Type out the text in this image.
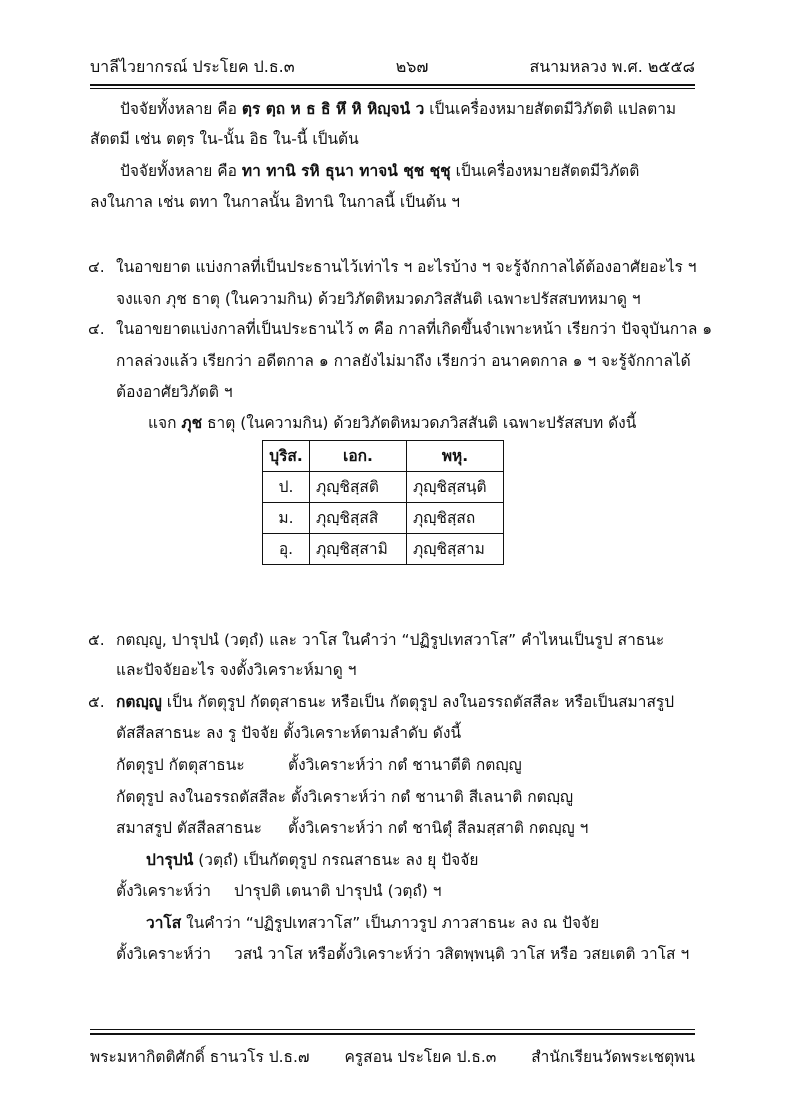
บาลีไวยากรณ์ ประโยค ป.ธ.๓	๒๖๗	สนามหลวง พ.ศ. ๒๕๕๘
ปัจจัยทั้งหลาย คือ ตฺร ตฺถ ห ธ ธิ หึ หิ หิญฺจนํ ว เป็นเครื่องหมายสัตตมีวิภัตติ แปลตาม
สัตตมี เช่น ตตฺร ใน-นั้น อิธ ใน-นี้ เป็นต้น
ปัจจัยทั้งหลาย คือ ทา ทานิ รหิ ธุนา ทาจนํ ชฺช ชฺชุ เป็นเครื่องหมายสัตตมีวิภัตติ
ลงในกาล เช่น ตทา ในกาลนั้น อิทานิ ในกาลนี้ เป็นต้น ฯ
๔. ในอาขยาต แบ่งกาลที่เป็นประธานไว้เท่าไร ฯ อะไรบ้าง ฯ จะรู้จักกาลได้ต้องอาศัยอะไร ฯ
จงแจก ภุช ธาตุ (ในความกิน) ด้วยวิภัตติหมวดภวิสสันติ เฉพาะปรัสสบทหมาดู ฯ
๔. ในอาขยาตแบ่งกาลที่เป็นประธานไว้ ๓ คือ กาลที่เกิดขึ้นจำเพาะหน้า เรียกว่า ปัจจุบันกาล ๑
กาลล่วงแล้ว เรียกว่า อดีตกาล ๑ กาลยังไม่มาถึง เรียกว่า อนาคตกาล ๑ ฯ จะรู้จักกาลได้
ต้องอาศัยวิภัตติ ฯ
แจก ภุช ธาตุ (ในความกิน) ด้วยวิภัตติหมวดภวิสสันติ เฉพาะปรัสสบท ดังนี้
บุริส.	เอก.	พหุ.
ป.	ภุญฺชิสฺสติ	ภุญฺชิสฺสนฺติ
ม.	ภุญฺชิสฺสสิ	ภุญฺชิสฺสถ
อุ.	ภุญฺชิสฺสามิ	ภุญฺชิสฺสาม
๕. กตญฺญู, ปารุปนํ (วตฺถํ) และ วาโส ในคำว่า “ปฏิรูปเทสวาโส” คำไหนเป็นรูป สาธนะ
และปัจจัยอะไร จงตั้งวิเคราะห์มาดู ฯ
๕. กตญฺญู เป็น กัตตุรูป กัตตุสาธนะ หรือเป็น กัตตุรูป ลงในอรรถตัสสีละ หรือเป็นสมาสรูป
ตัสสีลสาธนะ ลง รู ปัจจัย ตั้งวิเคราะห์ตามลำดับ ดังนี้
กัตตุรูป กัตตุสาธนะ	ตั้งวิเคราะห์ว่า กตํ ชานาตีติ กตญฺญู
กัตตุรูป ลงในอรรถตัสสีละ ตั้งวิเคราะห์ว่า กตํ ชานาติ สีเลนาติ กตญฺญู
สมาสรูป ตัสสีลสาธนะ ตั้งวิเคราะห์ว่า กตํ ชานิตุํ สีลมสฺสาติ กตญฺญู ฯ
ปารุปนํ (วตฺถํ) เป็นกัตตุรูป กรณสาธนะ ลง ยุ ปัจจัย
ตั้งวิเคราะห์ว่า ปารุปติ เตนาติ ปารุปนํ (วตฺถํ) ฯ
วาโส ในคำว่า “ปฏิรูปเทสวาโส” เป็นภาวรูป ภาวสาธนะ ลง ณ ปัจจัย
ตั้งวิเคราะห์ว่า วสนํ วาโส หรือตั้งวิเคราะห์ว่า วสิตพฺพนฺติ วาโส หรือ วสยเตติ วาโส ฯ
พระมหากิตติศักดิ์ ธานวโร ป.ธ.๗ ครูสอน ประโยค ป.ธ.๓ สำนักเรียนวัดพระเชตุพน
